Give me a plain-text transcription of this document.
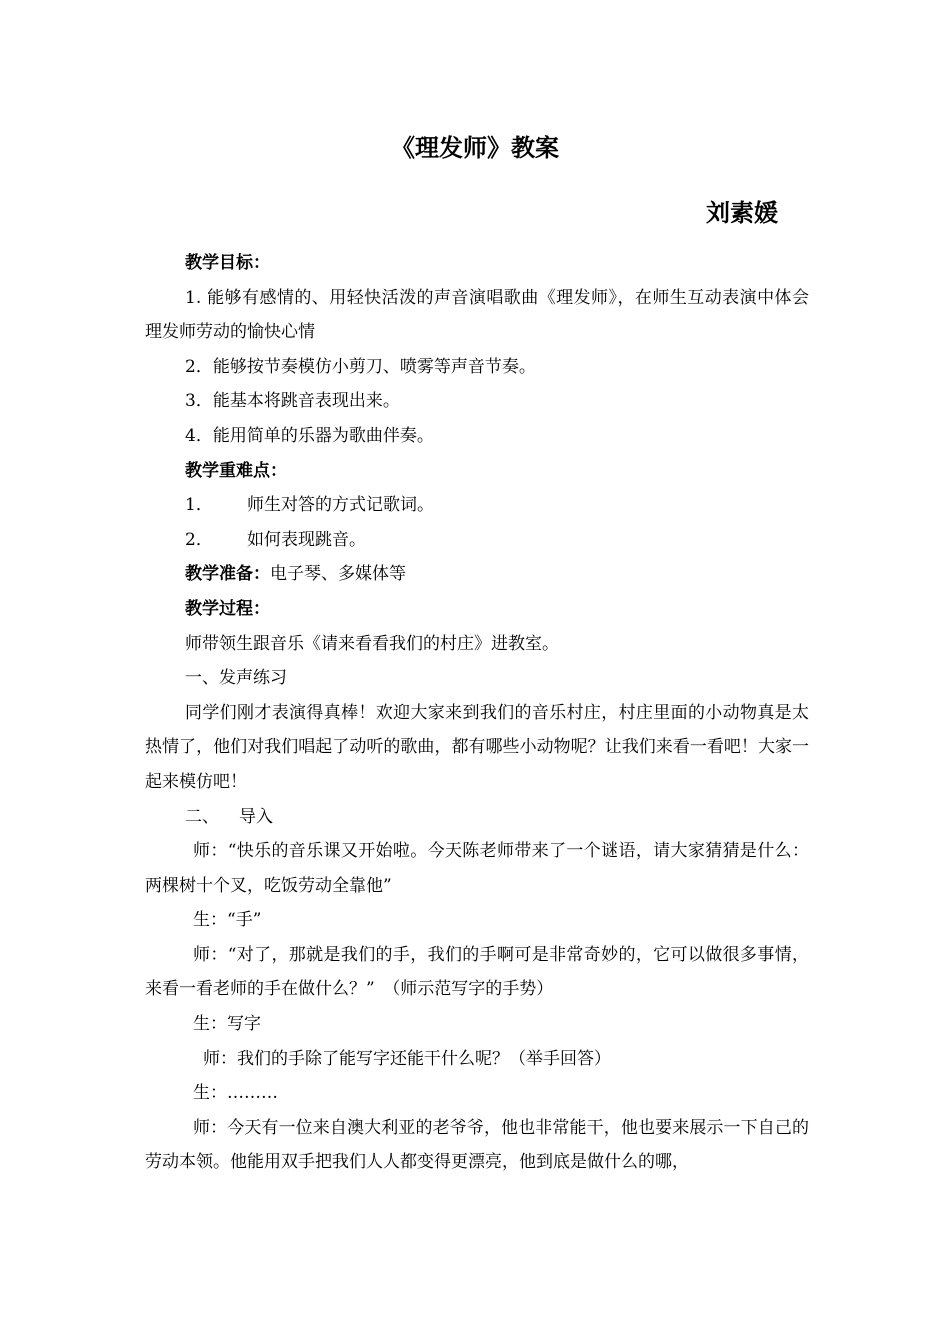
《理发师》教案
刘素媛

教学目标：

1. 能够有感情的、用轻快活泼的声音演唱歌曲《理发师》，在师生互动表演中体会理发师劳动的愉快心情

2．能够按节奏模仿小剪刀、喷雾等声音节奏。

3．能基本将跳音表现出来。

4．能用简单的乐器为歌曲伴奏。

教学重难点：

1． 师生对答的方式记歌词。

2． 如何表现跳音。

教学准备：电子琴、多媒体等

教学过程：

师带领生跟音乐《请来看看我们的村庄》进教室。

一、发声练习

同学们刚才表演得真棒！欢迎大家来到我们的音乐村庄，村庄里面的小动物真是太热情了，他们对我们唱起了动听的歌曲，都有哪些小动物呢？让我们来看一看吧！大家一起来模仿吧！

二、 导入

师：“快乐的音乐课又开始啦。今天陈老师带来了一个谜语，请大家猜猜是什么：两棵树十个叉，吃饭劳动全靠他”

生：“手”

师：“对了，那就是我们的手，我们的手啊可是非常奇妙的，它可以做很多事情，来看一看老师的手在做什么？”　（师示范写字的手势）

生：写字

师：我们的手除了能写字还能干什么呢？（举手回答）

生：………

师：今天有一位来自澳大利亚的老爷爷，他也非常能干，他也要来展示一下自己的劳动本领。他能用双手把我们人人都变得更漂亮，他到底是做什么的哪，
